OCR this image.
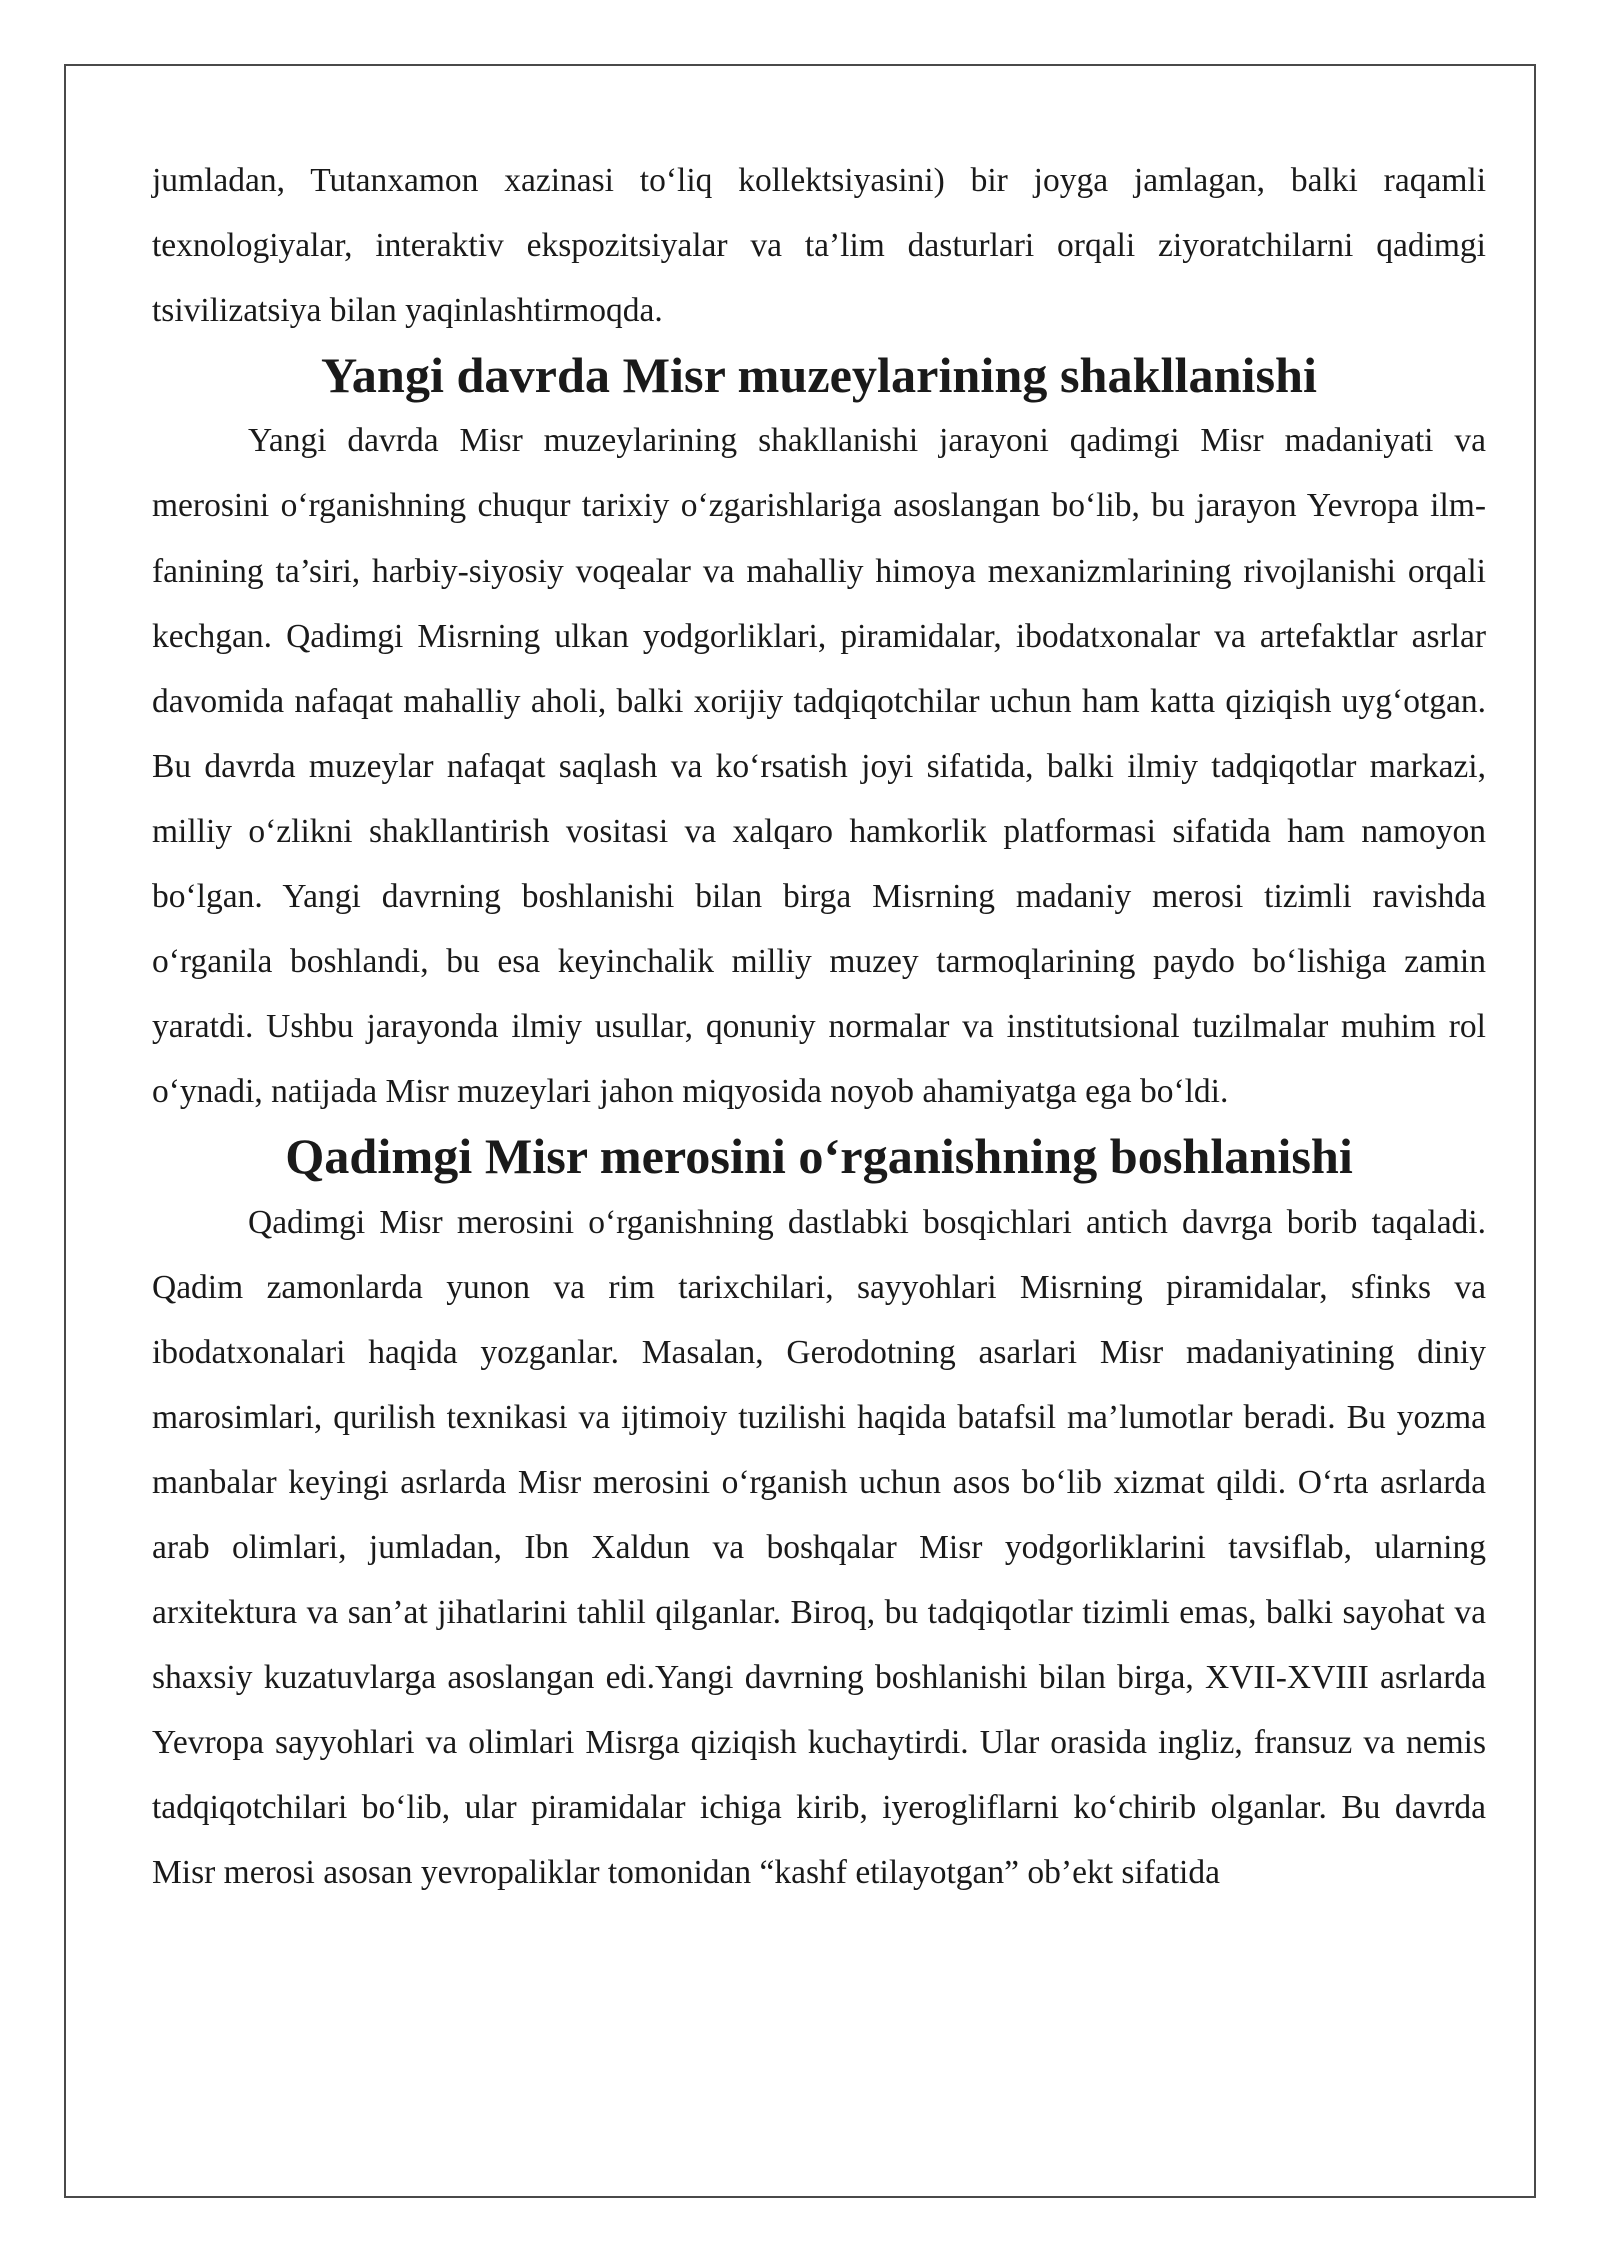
jumladan, Tutanxamon xazinasi to‘liq kollektsiyasini) bir joyga jamlagan, balki raqamli texnologiyalar, interaktiv ekspozitsiyalar va ta’lim dasturlari orqali ziyoratchilarni qadimgi tsivilizatsiya bilan yaqinlashtirmoqda.

Yangi davrda Misr muzeylarining shakllanishi

Yangi davrda Misr muzeylarining shakllanishi jarayoni qadimgi Misr madaniyati va merosini o‘rganishning chuqur tarixiy o‘zgarishlariga asoslangan bo‘lib, bu jarayon Yevropa ilm-fanining ta’siri, harbiy-siyosiy voqealar va mahalliy himoya mexanizmlarining rivojlanishi orqali kechgan. Qadimgi Misrning ulkan yodgorliklari, piramidalar, ibodatxonalar va artefaktlar asrlar davomida nafaqat mahalliy aholi, balki xorijiy tadqiqotchilar uchun ham katta qiziqish uyg‘otgan. Bu davrda muzeylar nafaqat saqlash va ko‘rsatish joyi sifatida, balki ilmiy tadqiqotlar markazi, milliy o‘zlikni shakllantirish vositasi va xalqaro hamkorlik platformasi sifatida ham namoyon bo‘lgan. Yangi davrning boshlanishi bilan birga Misrning madaniy merosi tizimli ravishda o‘rganila boshlandi, bu esa keyinchalik milliy muzey tarmoqlarining paydo bo‘lishiga zamin yaratdi. Ushbu jarayonda ilmiy usullar, qonuniy normalar va institutsional tuzilmalar muhim rol o‘ynadi, natijada Misr muzeylari jahon miqyosida noyob ahamiyatga ega bo‘ldi.

Qadimgi Misr merosini o‘rganishning boshlanishi

Qadimgi Misr merosini o‘rganishning dastlabki bosqichlari antich davrga borib taqaladi. Qadim zamonlarda yunon va rim tarixchilari, sayyohlari Misrning piramidalar, sfinks va ibodatxonalari haqida yozganlar. Masalan, Gerodotning asarlari Misr madaniyatining diniy marosimlari, qurilish texnikasi va ijtimoiy tuzilishi haqida batafsil ma’lumotlar beradi. Bu yozma manbalar keyingi asrlarda Misr merosini o‘rganish uchun asos bo‘lib xizmat qildi. O‘rta asrlarda arab olimlari, jumladan, Ibn Xaldun va boshqalar Misr yodgorliklarini tavsiflab, ularning arxitektura va san’at jihatlarini tahlil qilganlar. Biroq, bu tadqiqotlar tizimli emas, balki sayohat va shaxsiy kuzatuvlarga asoslangan edi.Yangi davrning boshlanishi bilan birga, XVII-XVIII asrlarda Yevropa sayyohlari va olimlari Misrga qiziqish kuchaytirdi. Ular orasida ingliz, fransuz va nemis tadqiqotchilari bo‘lib, ular piramidalar ichiga kirib, iyerogliflarni ko‘chirib olganlar. Bu davrda Misr merosi asosan yevropaliklar tomonidan “kashf etilayotgan” ob’ekt sifatida
